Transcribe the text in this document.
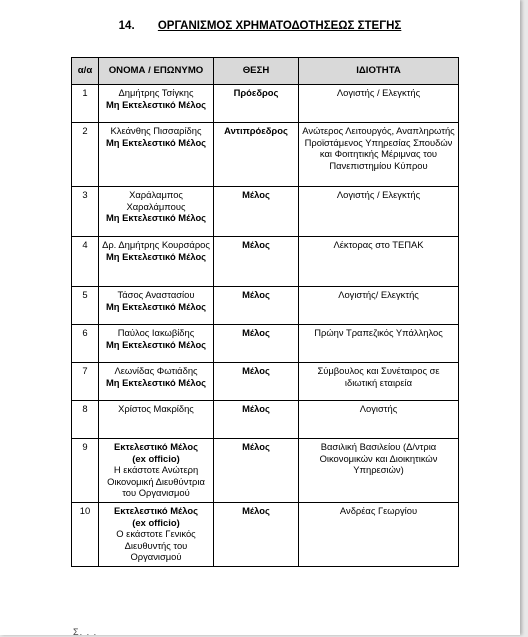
14. ΟΡΓΑΝΙΣΜΟΣ ΧΡΗΜΑΤΟΔΟΤΗΣΕΩΣ ΣΤΕΓΗΣ
α/α	ΟΝΟΜΑ / ΕΠΩΝΥΜΟ	ΘΕΣΗ	ΙΔΙΟΤΗΤΑ
1	Δημήτρης Τσίγκης
Μη Εκτελεστικό Μέλος	Πρόεδρος	Λογιστής / Ελεγκτής
2	Κλεάνθης Πισσαρίδης
Μη Εκτελεστικό Μέλος	Αντιπρόεδρος	Ανώτερος Λειτουργός, Αναπληρωτής Προϊστάμενος Υπηρεσίας Σπουδών και Φοιτητικής Μέριμνας του Πανεπιστημίου Κύπρου
3	Χαράλαμπος Χαραλάμπους
Μη Εκτελεστικό Μέλος	Μέλος	Λογιστής / Ελεγκτής
4	Δρ. Δημήτρης Κουρσάρος
Μη Εκτελεστικό Μέλος	Μέλος	Λέκτορας στο ΤΕΠΑΚ
5	Τάσος Αναστασίου
Μη Εκτελεστικό Μέλος	Μέλος	Λογιστής/ Ελεγκτής
6	Παύλος Ιακωβίδης
Μη Εκτελεστικό Μέλος	Μέλος	Πρώην Τραπεζικός Υπάλληλος
7	Λεωνίδας Φωτιάδης
Μη Εκτελεστικό Μέλος	Μέλος	Σύμβουλος και Συνέταιρος σε ιδιωτική εταιρεία
8	Χρίστος Μακρίδης	Μέλος	Λογιστής
9	Εκτελεστικό Μέλος
(ex officio)
Η εκάστοτε Ανώτερη Οικονομική Διευθύντρια του Οργανισμού	Μέλος	Βασιλική Βασιλείου (Δ/ντρια Οικονομικών και Διοικητικών Υπηρεσιών)
10	Εκτελεστικό Μέλος
(ex officio)
Ο εκάστοτε Γενικός Διευθυντής του Οργανισμού	Μέλος	Ανδρέας Γεωργίου
Σ. . .
